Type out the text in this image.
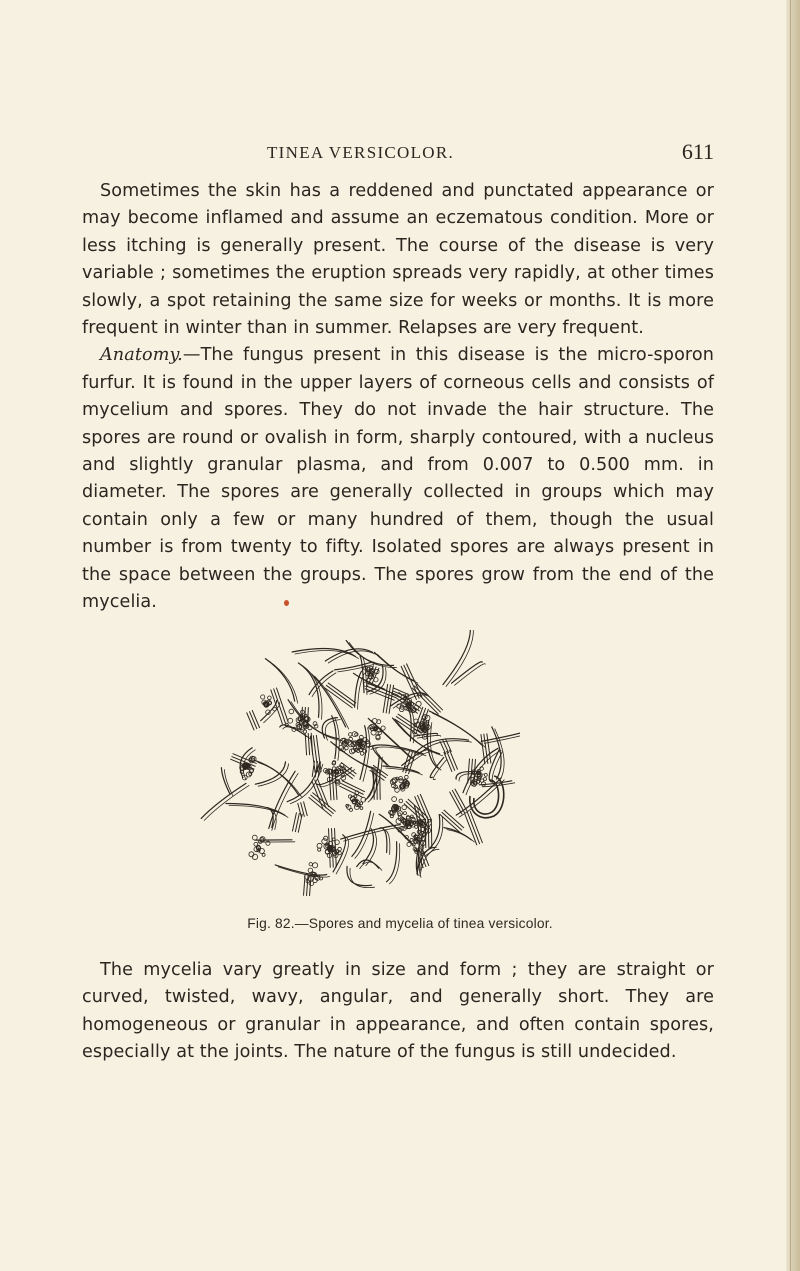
TINEA VERSICOLOR.	611

Sometimes the skin has a reddened and punctated appearance or may become inflamed and assume an eczematous condition. More or less itching is generally present. The course of the disease is very variable ; sometimes the eruption spreads very rapidly, at other times slowly, a spot retaining the same size for weeks or months. It is more frequent in winter than in summer. Relapses are very frequent.

Anatomy.—The fungus present in this disease is the micro-sporon furfur. It is found in the upper layers of corneous cells and consists of mycelium and spores. They do not invade the hair structure. The spores are round or ovalish in form, sharply contoured, with a nucleus and slightly granular plasma, and from 0.007 to 0.500 mm. in diameter. The spores are generally collected in groups which may contain only a few or many hundred of them, though the usual number is from twenty to fifty. Isolated spores are always present in the space between the groups. The spores grow from the end of the mycelia.

Fig. 82.—Spores and mycelia of tinea versicolor.

The mycelia vary greatly in size and form ; they are straight or curved, twisted, wavy, angular, and generally short. They are homogeneous or granular in appearance, and often contain spores, especially at the joints. The nature of the fungus is still undecided.
